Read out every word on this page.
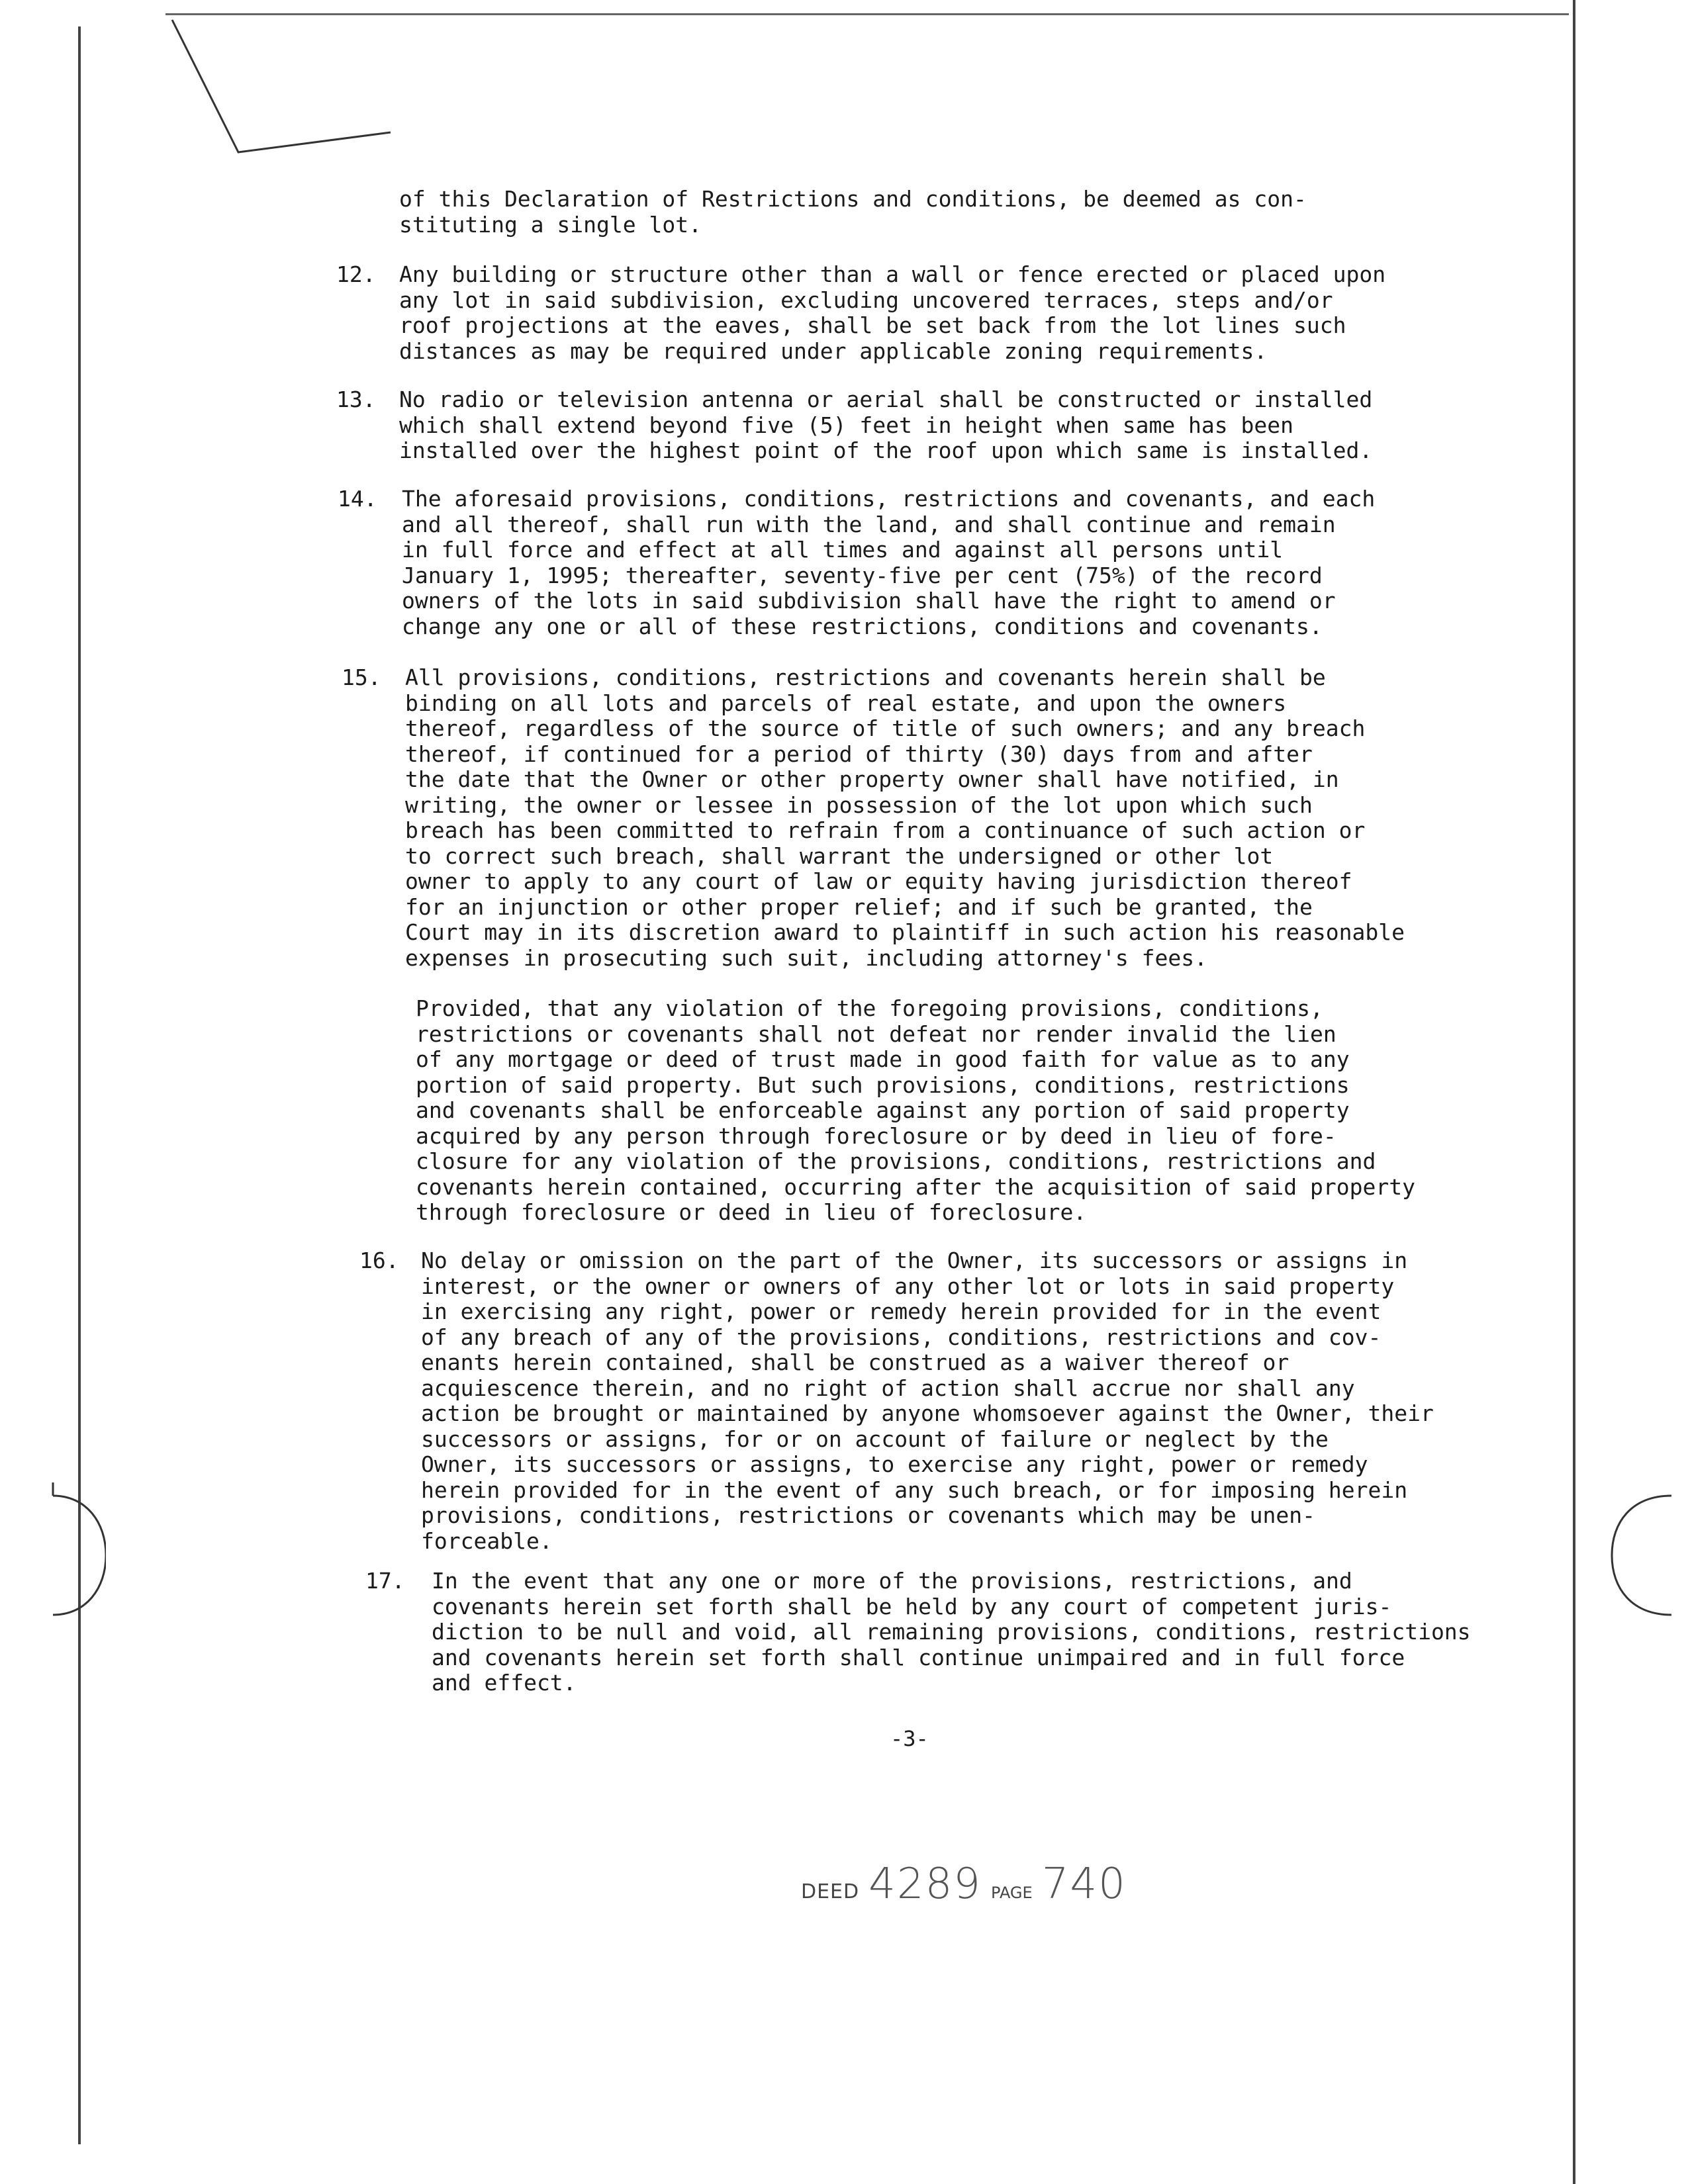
of this Declaration of Restrictions and conditions, be deemed as con-
stituting a single lot.
12. Any building or structure other than a wall or fence erected or placed upon
any lot in said subdivision, excluding uncovered terraces, steps and/or
roof projections at the eaves, shall be set back from the lot lines such
distances as may be required under applicable zoning requirements.
13. No radio or television antenna or aerial shall be constructed or installed
which shall extend beyond five (5) feet in height when same has been
installed over the highest point of the roof upon which same is installed.
14. The aforesaid provisions, conditions, restrictions and covenants, and each
and all thereof, shall run with the land, and shall continue and remain
in full force and effect at all times and against all persons until
January 1, 1995; thereafter, seventy-five per cent (75%) of the record
owners of the lots in said subdivision shall have the right to amend or
change any one or all of these restrictions, conditions and covenants.
15. All provisions, conditions, restrictions and covenants herein shall be
binding on all lots and parcels of real estate, and upon the owners
thereof, regardless of the source of title of such owners; and any breach
thereof, if continued for a period of thirty (30) days from and after
the date that the Owner or other property owner shall have notified, in
writing, the owner or lessee in possession of the lot upon which such
breach has been committed to refrain from a continuance of such action or
to correct such breach, shall warrant the undersigned or other lot
owner to apply to any court of law or equity having jurisdiction thereof
for an injunction or other proper relief; and if such be granted, the
Court may in its discretion award to plaintiff in such action his reasonable
expenses in prosecuting such suit, including attorney's fees.
Provided, that any violation of the foregoing provisions, conditions,
restrictions or covenants shall not defeat nor render invalid the lien
of any mortgage or deed of trust made in good faith for value as to any
portion of said property. But such provisions, conditions, restrictions
and covenants shall be enforceable against any portion of said property
acquired by any person through foreclosure or by deed in lieu of fore-
closure for any violation of the provisions, conditions, restrictions and
covenants herein contained, occurring after the acquisition of said property
through foreclosure or deed in lieu of foreclosure.
16. No delay or omission on the part of the Owner, its successors or assigns in
interest, or the owner or owners of any other lot or lots in said property
in exercising any right, power or remedy herein provided for in the event
of any breach of any of the provisions, conditions, restrictions and cov-
enants herein contained, shall be construed as a waiver thereof or
acquiescence therein, and no right of action shall accrue nor shall any
action be brought or maintained by anyone whomsoever against the Owner, their
successors or assigns, for or on account of failure or neglect by the
Owner, its successors or assigns, to exercise any right, power or remedy
herein provided for in the event of any such breach, or for imposing herein
provisions, conditions, restrictions or covenants which may be unen-
forceable.
17. In the event that any one or more of the provisions, restrictions, and
covenants herein set forth shall be held by any court of competent juris-
diction to be null and void, all remaining provisions, conditions, restrictions
and covenants herein set forth shall continue unimpaired and in full force
and effect.
-3-
DEED 4289 PAGE 740
